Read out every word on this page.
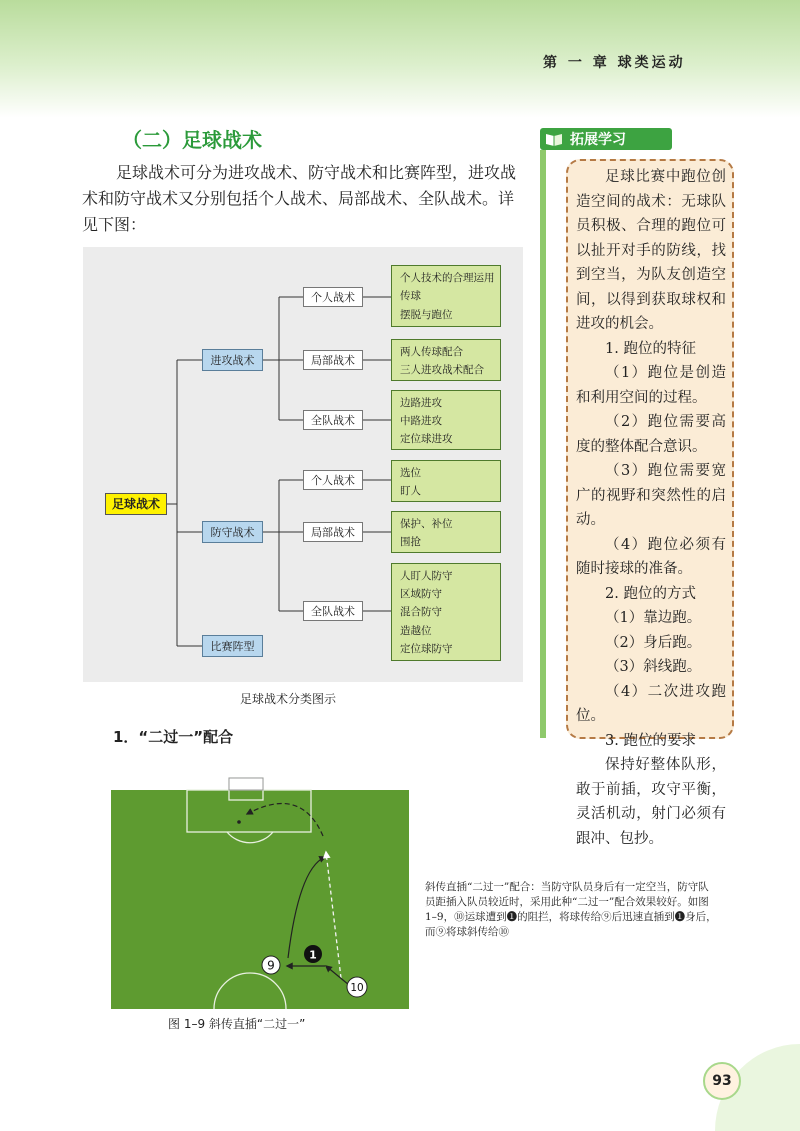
第 一 章 球类运动
（二）足球战术

足球战术可分为进攻战术、防守战术和比赛阵型，进攻战术和防守战术又分别包括个人战术、局部战术、全队战术。详见下图：

足球战术
进攻战术
防守战术
比赛阵型
个人战术
局部战术
全队战术
个人战术
局部战术
全队战术
个人技术的合理运用
传球
摆脱与跑位
两人传球配合
三人进攻战术配合
边路进攻
中路进攻
定位球进攻
选位
盯人
保护、补位
围抢
人盯人防守
区域防守
混合防守
造越位
定位球防守
足球战术分类图示
1．“二过一”配合
拓展学习

足球比赛中跑位创造空间的战术：无球队员积极、合理的跑位可以扯开对手的防线，找到空当，为队友创造空间，以得到获取球权和进攻的机会。

1. 跑位的特征

（1）跑位是创造和利用空间的过程。

（2）跑位需要高度的整体配合意识。

（3）跑位需要宽广的视野和突然性的启动。

（4）跑位必须有随时接球的准备。

2. 跑位的方式

（1）靠边跑。

（2）身后跑。

（3）斜线跑。

（4）二次进攻跑位。

3. 跑位的要求

保持好整体队形，敢于前插，攻守平衡，灵活机动，射门必须有跟冲、包抄。

9
1
10
图 1–9 斜传直插“二过一”

斜传直插“二过一”配合：当防守队员身后有一定空当，防守队员距插入队员较近时，采用此种“二过一”配合效果较好。如图 1–9，⑩运球遭到❶的阻拦，将球传给⑨后迅速直插到❶身后，而⑨将球斜传给⑩

93
